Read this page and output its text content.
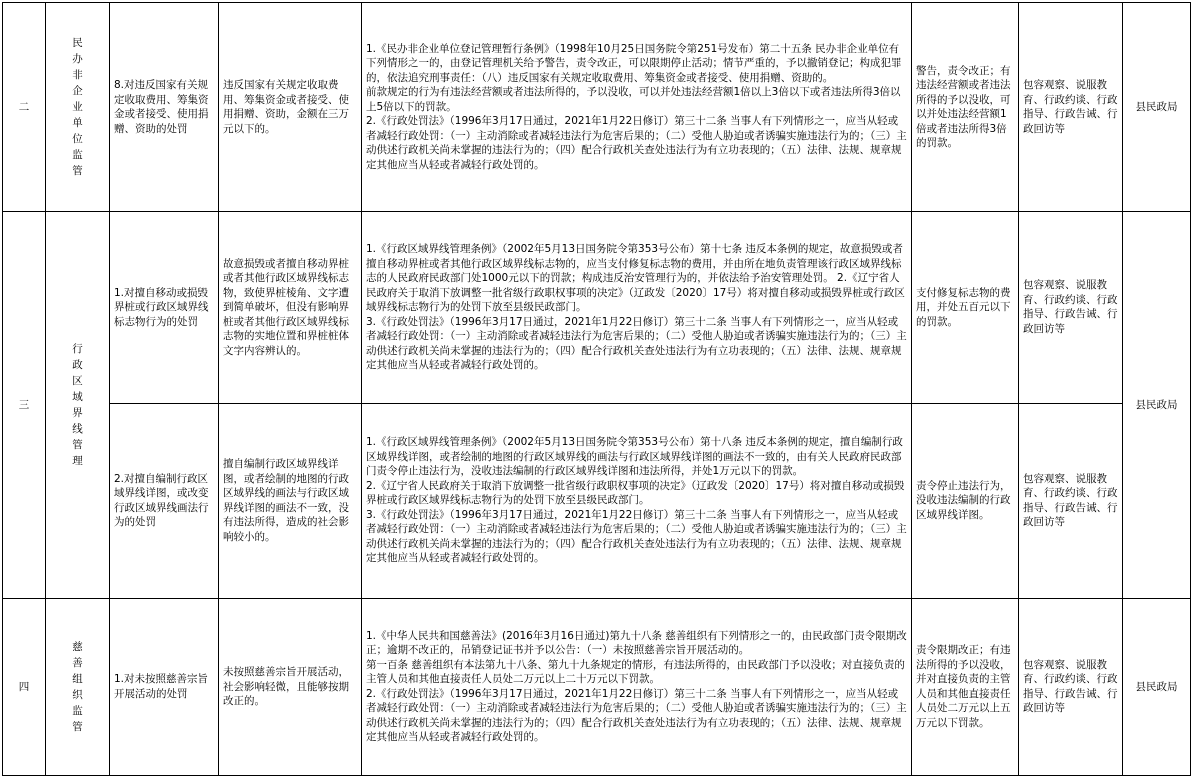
二	民办非企业单位监管	8.对违反国家有关规定收取费用、筹集资金或者接受、使用捐赠、资助的处罚	违反国家有关规定收取费用、筹集资金或者接受、使用捐赠、资助，金额在三万元以下的。	1.《民办非企业单位登记管理暂行条例》（1998年10月25日国务院令第251号发布）第二十五条 民办非企业单位有下列情形之一的，由登记管理机关给予警告，责令改正，可以限期停止活动；情节严重的，予以撤销登记；构成犯罪的，依法追究刑事责任：（八）违反国家有关规定收取费用、筹集资金或者接受、使用捐赠、资助的。

前款规定的行为有违法经营额或者违法所得的，予以没收，可以并处违法经营额1倍以上3倍以下或者违法所得3倍以上5倍以下的罚款。

2.《行政处罚法》（1996年3月17日通过，2021年1月22日修订）第三十二条 当事人有下列情形之一，应当从轻或者减轻行政处罚：（一）主动消除或者减轻违法行为危害后果的；（二）受他人胁迫或者诱骗实施违法行为的；（三）主动供述行政机关尚未掌握的违法行为的；（四）配合行政机关查处违法行为有立功表现的；（五）法律、法规、规章规定其他应当从轻或者减轻行政处罚的。	警告，责令改正；有违法经营额或者违法所得的予以没收，可以并处违法经营额1倍或者违法所得3倍的罚款。	包容观察、说服教育、行政约谈、行政指导、行政告诫、行政回访等	县民政局
三	行政区域界线管理	1.对擅自移动或损毁界桩或行政区域界线标志物行为的处罚	故意损毁或者擅自移动界桩或者其他行政区域界线标志物，致使界桩棱角、文字遭到简单破坏，但没有影响界桩或者其他行政区域界线标志物的实地位置和界桩桩体文字内容辨认的。	1.《行政区域界线管理条例》（2002年5月13日国务院令第353号公布）第十七条 违反本条例的规定，故意损毁或者擅自移动界桩或者其他行政区域界线标志物的，应当支付修复标志物的费用，并由所在地负责管理该行政区域界线标志的人民政府民政部门处1000元以下的罚款；构成违反治安管理行为的，并依法给予治安管理处罚。 2.《辽宁省人民政府关于取消下放调整一批省级行政职权事项的决定》（辽政发〔2020〕17号）将对擅自移动或损毁界桩或行政区域界线标志物行为的处罚下放至县级民政部门。

3.《行政处罚法》（1996年3月17日通过，2021年1月22日修订）第三十二条 当事人有下列情形之一，应当从轻或者减轻行政处罚：（一）主动消除或者减轻违法行为危害后果的；（二）受他人胁迫或者诱骗实施违法行为的；（三）主动供述行政机关尚未掌握的违法行为的；（四）配合行政机关查处违法行为有立功表现的；（五）法律、法规、规章规定其他应当从轻或者减轻行政处罚的。	支付修复标志物的费用，并处五百元以下的罚款。	包容观察、说服教育、行政约谈、行政指导、行政告诫、行政回访等	县民政局
		2.对擅自编制行政区域界线详图，或改变行政区域界线画法行为的处罚	擅自编制行政区域界线详图，或者绘制的地图的行政区域界线的画法与行政区域界线详图的画法不一致，没有违法所得，造成的社会影响较小的。	1.《行政区域界线管理条例》（2002年5月13日国务院令第353号公布）第十八条 违反本条例的规定，擅自编制行政区域界线详图，或者绘制的地图的行政区域界线的画法与行政区域界线详图的画法不一致的，由有关人民政府民政部门责令停止违法行为，没收违法编制的行政区域界线详图和违法所得，并处1万元以下的罚款。

2.《辽宁省人民政府关于取消下放调整一批省级行政职权事项的决定》（辽政发〔2020〕17号）将对擅自移动或损毁界桩或行政区域界线标志物行为的处罚下放至县级民政部门。

3.《行政处罚法》（1996年3月17日通过，2021年1月22日修订）第三十二条 当事人有下列情形之一，应当从轻或者减轻行政处罚：（一）主动消除或者减轻违法行为危害后果的；（二）受他人胁迫或者诱骗实施违法行为的；（三）主动供述行政机关尚未掌握的违法行为的；（四）配合行政机关查处违法行为有立功表现的；（五）法律、法规、规章规定其他应当从轻或者减轻行政处罚的。	责令停止违法行为，没收违法编制的行政区域界线详图。	包容观察、说服教育、行政约谈、行政指导、行政告诫、行政回访等	
四	慈善组织监管	1.对未按照慈善宗旨开展活动的处罚	未按照慈善宗旨开展活动，社会影响轻微，且能够按期改正的。	1.《中华人民共和国慈善法》(2016年3月16日通过)第九十八条 慈善组织有下列情形之一的，由民政部门责令限期改正；逾期不改正的，吊销登记证书并予以公告：（一）未按照慈善宗旨开展活动的。

第一百条 慈善组织有本法第九十八条、第九十九条规定的情形，有违法所得的，由民政部门予以没收；对直接负责的主管人员和其他直接责任人员处二万元以上二十万元以下罚款。

2.《行政处罚法》（1996年3月17日通过，2021年1月22日修订）第三十二条 当事人有下列情形之一，应当从轻或者减轻行政处罚：（一）主动消除或者减轻违法行为危害后果的；（二）受他人胁迫或者诱骗实施违法行为的；（三）主动供述行政机关尚未掌握的违法行为的；（四）配合行政机关查处违法行为有立功表现的；（五）法律、法规、规章规定其他应当从轻或者减轻行政处罚的。	责令限期改正；有违法所得的予以没收，并对直接负责的主管人员和其他直接责任人员处二万元以上五万元以下罚款。	包容观察、说服教育、行政约谈、行政指导、行政告诫、行政回访等	县民政局
